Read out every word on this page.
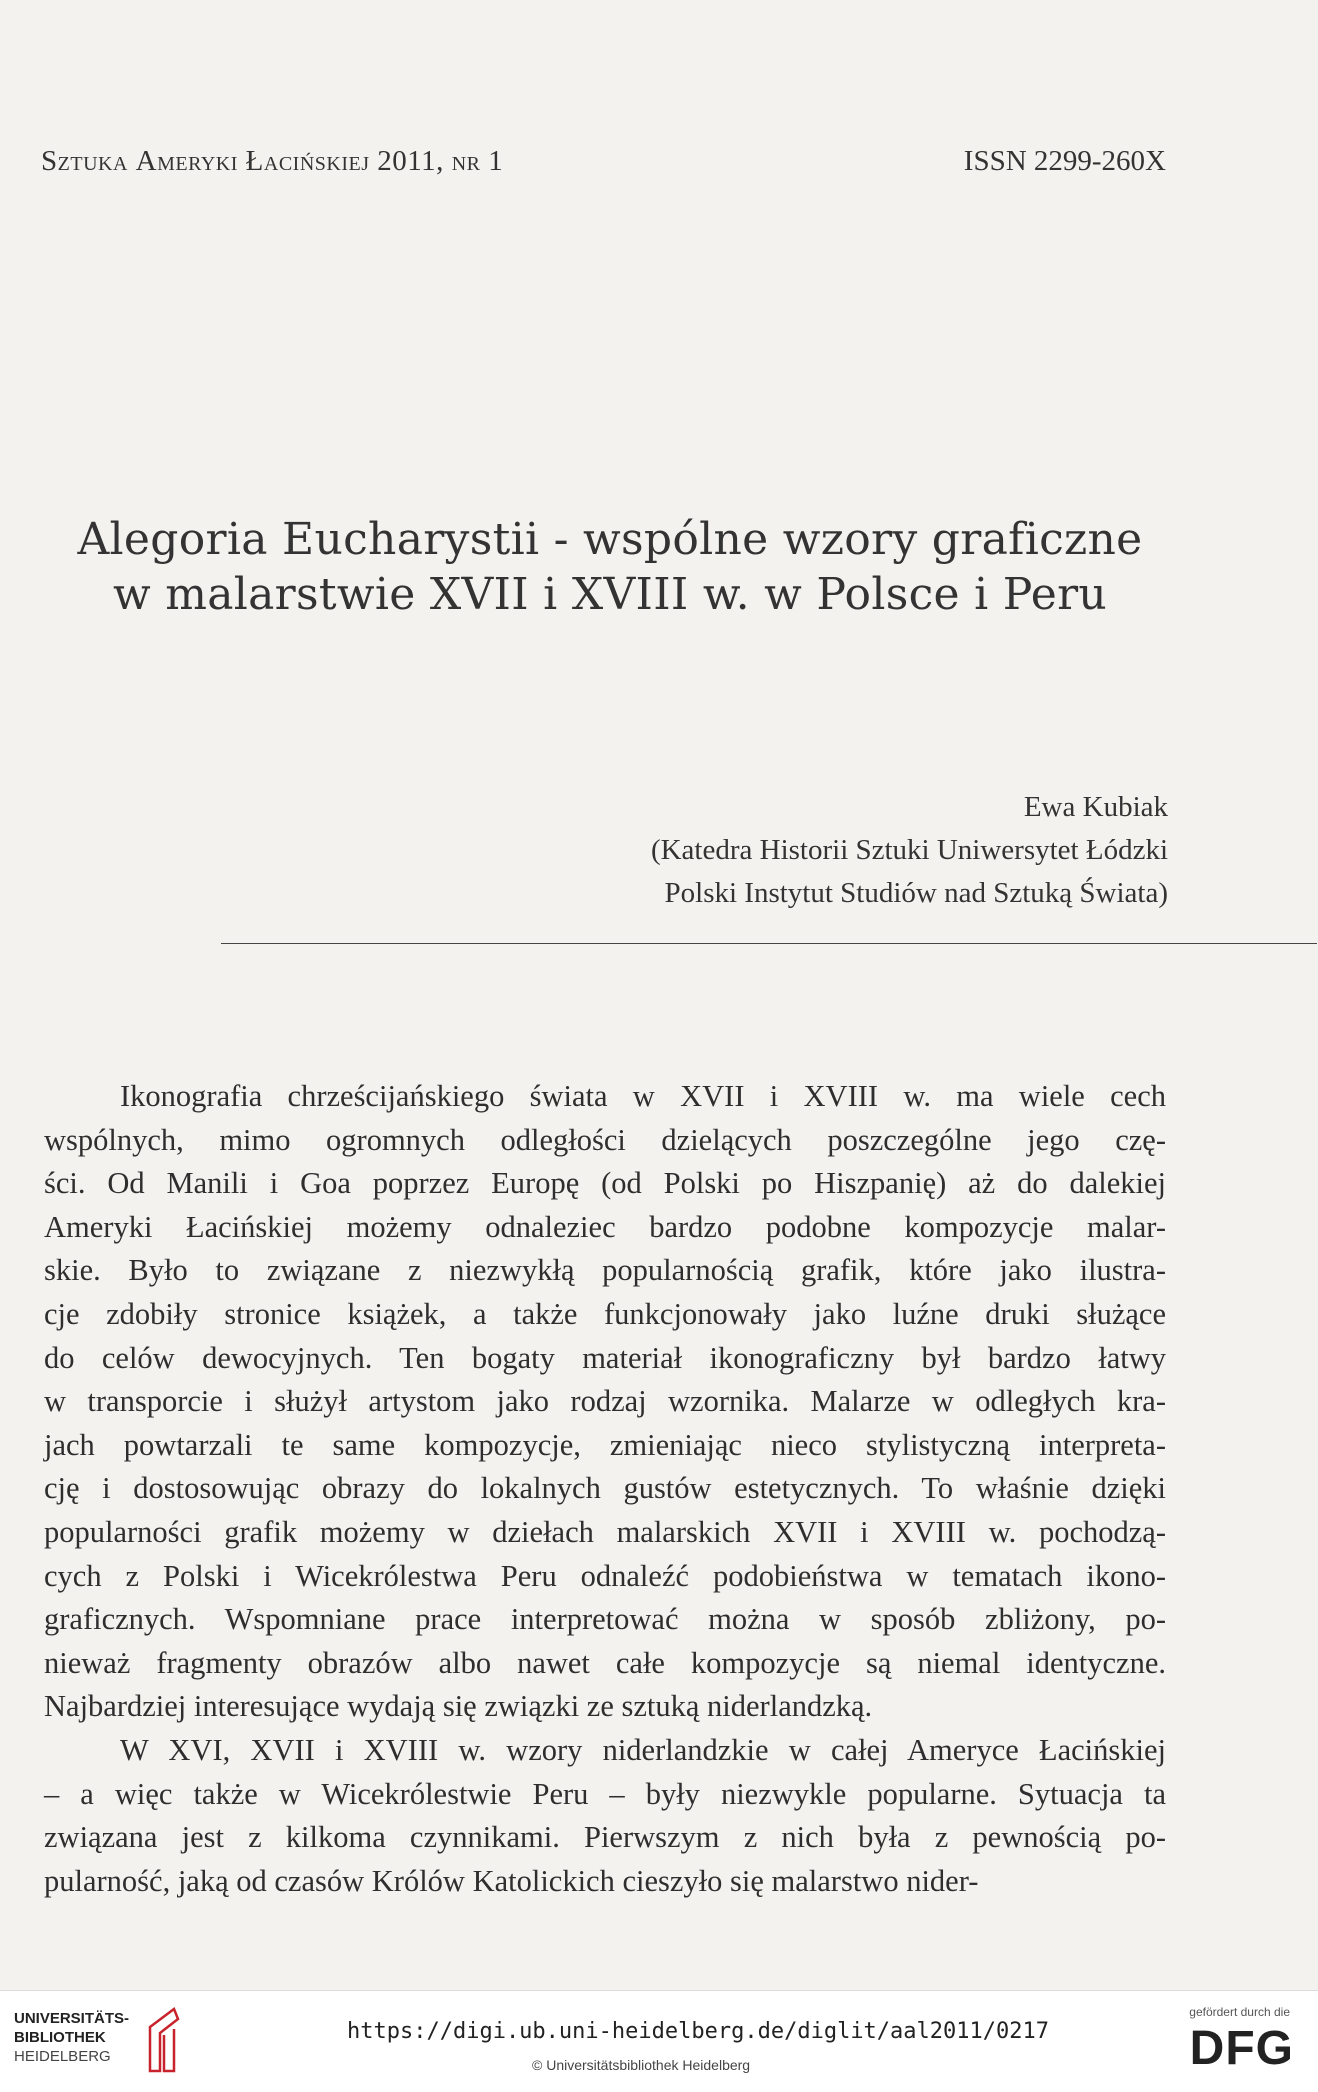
Sztuka Ameryki Łacińskiej 2011, nr 1	ISSN 2299-260X
Alegoria Eucharystii - wspólne wzory graficzne
w malarstwie XVII i XVIII w. w Polsce i Peru
Ewa Kubiak
(Katedra Historii Sztuki Uniwersytet Łódzki
Polski Instytut Studiów nad Sztuką Świata)

Ikonografia chrześcijańskiego świata w XVII i XVIII w. ma wiele cech
wspólnych, mimo ogromnych odległości dzielących poszczególne jego czę-
ści. Od Manili i Goa poprzez Europę (od Polski po Hiszpanię) aż do dalekiej
Ameryki Łacińskiej możemy odnaleziec bardzo podobne kompozycje malar-
skie. Było to związane z niezwykłą popularnością grafik, które jako ilustra-
cje zdobiły stronice książek, a także funkcjonowały jako luźne druki służące
do celów dewocyjnych. Ten bogaty materiał ikonograficzny był bardzo łatwy
w transporcie i służył artystom jako rodzaj wzornika. Malarze w odległych kra-
jach powtarzali te same kompozycje, zmieniając nieco stylistyczną interpreta-
cję i dostosowując obrazy do lokalnych gustów estetycznych. To właśnie dzięki
popularności grafik możemy w dziełach malarskich XVII i XVIII w. pochodzą-
cych z Polski i Wicekrólestwa Peru odnaleźć podobieństwa w tematach ikono-
graficznych. Wspomniane prace interpretować można w sposób zbliżony, po-
nieważ fragmenty obrazów albo nawet całe kompozycje są niemal identyczne.
Najbardziej interesujące wydają się związki ze sztuką niderlandzką.

W XVI, XVII i XVIII w. wzory niderlandzkie w całej Ameryce Łacińskiej
– a więc także w Wicekrólestwie Peru – były niezwykle popularne. Sytuacja ta
związana jest z kilkoma czynnikami. Pierwszym z nich była z pewnością po-
pularność, jaką od czasów Królów Katolickich cieszyło się malarstwo nider-

UNIVERSITÄTS-
BIBLIOTHEK
HEIDELBERG
https://digi.ub.uni-heidelberg.de/diglit/aal2011/0217
© Universitätsbibliothek Heidelberg
gefördert durch die
DFG
